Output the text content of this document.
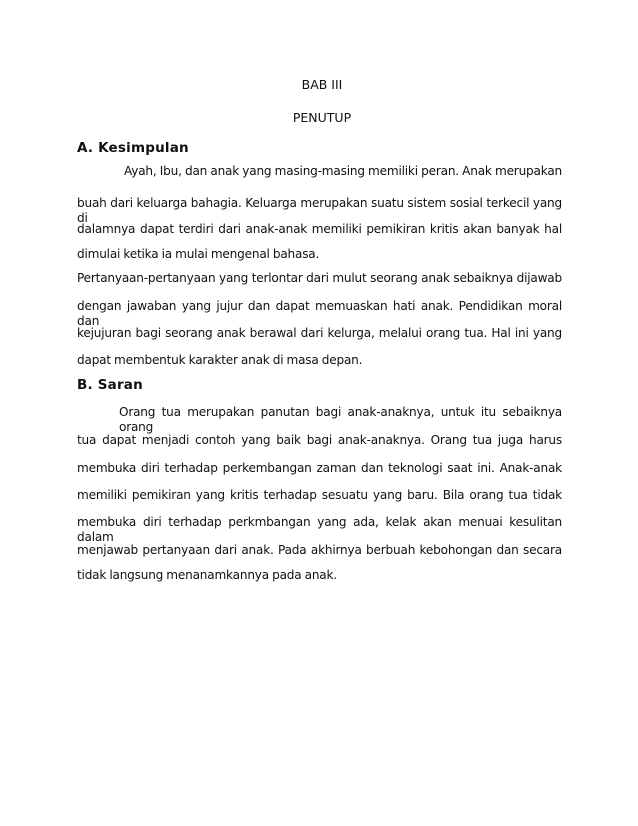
BAB III
PENUTUP
A. Kesimpulan
Ayah, Ibu, dan anak yang masing-masing memiliki peran. Anak merupakan
buah dari keluarga bahagia. Keluarga merupakan suatu sistem sosial terkecil yang di
dalamnya dapat terdiri dari anak-anak memiliki pemikiran kritis akan banyak hal
dimulai ketika ia mulai mengenal bahasa.
Pertanyaan-pertanyaan yang terlontar dari mulut seorang anak sebaiknya dijawab
dengan jawaban yang jujur dan dapat memuaskan hati anak. Pendidikan moral dan
kejujuran bagi seorang anak berawal dari kelurga, melalui orang tua. Hal ini yang
dapat membentuk karakter anak di masa depan.
B. Saran
Orang tua merupakan panutan bagi anak-anaknya, untuk itu sebaiknya orang
tua dapat menjadi contoh yang baik bagi anak-anaknya. Orang tua juga harus
membuka diri terhadap perkembangan zaman dan teknologi saat ini. Anak-anak
memiliki pemikiran yang kritis terhadap sesuatu yang baru. Bila orang tua tidak
membuka diri terhadap perkmbangan yang ada, kelak akan menuai kesulitan dalam
menjawab pertanyaan dari anak. Pada akhirnya berbuah kebohongan dan secara
tidak langsung menanamkannya pada anak.
